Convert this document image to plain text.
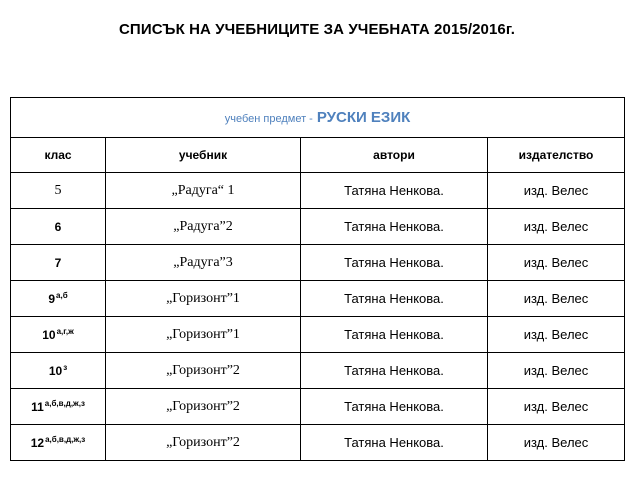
СПИСЪК НА УЧЕБНИЦИТЕ ЗА УЧЕБНАТА 2015/2016г.
учебен предмет - РУСКИ ЕЗИК			
клас	учебник	автори	издателство
5	„Радуга“ 1	Татяна Ненкова.	изд. Велес
6	„Радуга”2	Татяна Ненкова.	изд. Велес
7	„Радуга”3	Татяна Ненкова.	изд. Велес
$9^{а,б}$	„Горизонт”1	Татяна Ненкова.	изд. Велес
$10^{а,г,ж}$	„Горизонт”1	Татяна Ненкова.	изд. Велес
$10^з$	„Горизонт”2	Татяна Ненкова.	изд. Велес
$11^{а,б,в,д,ж,з}$	„Горизонт”2	Татяна Ненкова.	изд. Велес
$12^{а,б,в,д,ж,з}$	„Горизонт”2	Татяна Ненкова.	изд. Велес
